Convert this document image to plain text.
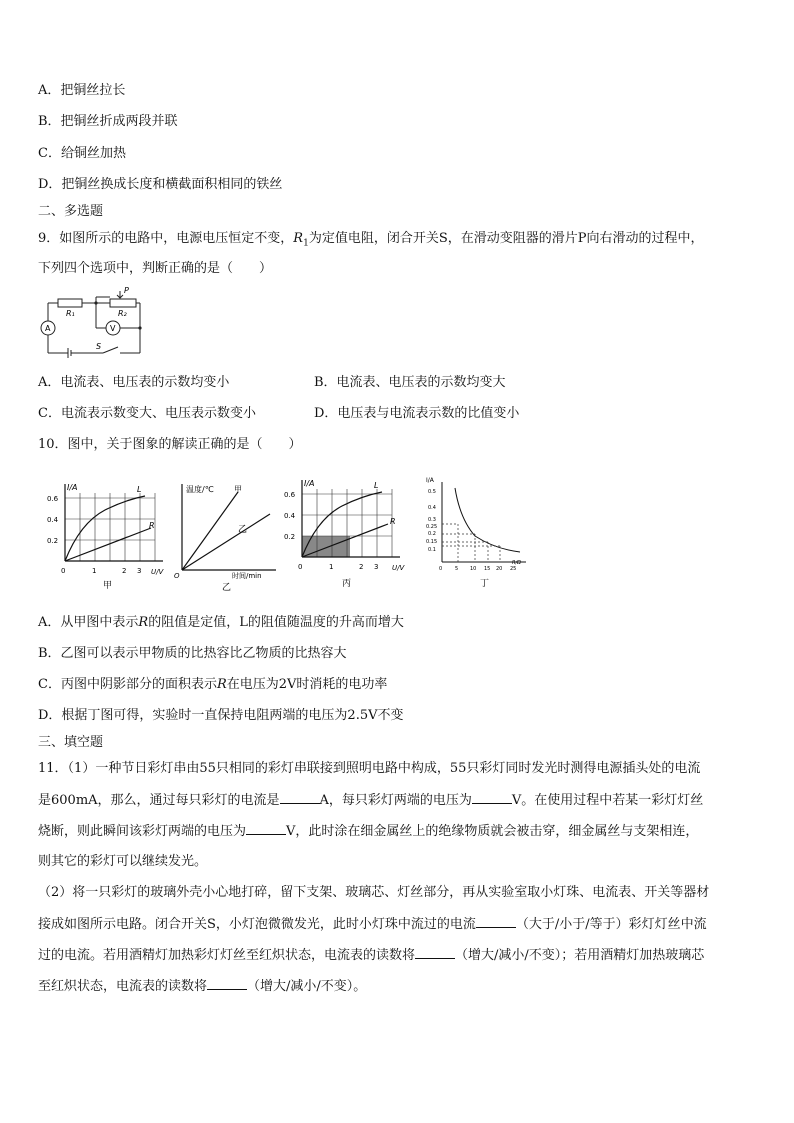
A．把铜丝拉长
B．把铜丝折成两段并联
C．给铜丝加热
D．把铜丝换成长度和横截面积相同的铁丝
二、多选题
9．如图所示的电路中，电源电压恒定不变，$R_1$为定值电阻，闭合开关S，在滑动变阻器的滑片P向右滑动的过程中，
下列四个选项中，判断正确的是（　　）
P
R₁	R₂
A	V
S
A．电流表、电压表的示数均变小	B．电流表、电压表的示数均变大
C．电流表示数变大、电压表示数变小	D．电压表与电流表示数的比值变小
10．图中，关于图象的解读正确的是（　　）
I/A
0.6
0.4
0.2
0	1	2 3 U/V
L
R
甲
温度/℃	甲
乙
O	时间/min
乙
I/A
0.6
0.4
0.2
0	1	2 3 U/V
L
R
丙
I/A
0.5
0.4
0.3
0.25
0.2
0.15
0.1
0	5 10 15 20 25
R/Ω
丁
A．从甲图中表示R的阻值是定值，L的阻值随温度的升高而增大
B．乙图可以表示甲物质的比热容比乙物质的比热容大
C．丙图中阴影部分的面积表示R在电压为2V时消耗的电功率
D．根据丁图可得，实验时一直保持电阻两端的电压为2.5V不变
三、填空题
11．（1）一种节日彩灯串由55只相同的彩灯串联接到照明电路中构成，55只彩灯同时发光时测得电源插头处的电流
是600mA，那么，通过每只彩灯的电流是	A，每只彩灯两端的电压为	V。在使用过程中若某一彩灯灯丝
烧断，则此瞬间该彩灯两端的电压为	V，此时涂在细金属丝上的绝缘物质就会被击穿，细金属丝与支架相连，
则其它的彩灯可以继续发光。
（2）将一只彩灯的玻璃外壳小心地打碎，留下支架、玻璃芯、灯丝部分，再从实验室取小灯珠、电流表、开关等器材
接成如图所示电路。闭合开关S，小灯泡微微发光，此时小灯珠中流过的电流	（大于/小于/等于）彩灯灯丝中流
过的电流。若用酒精灯加热彩灯灯丝至红炽状态，电流表的读数将	（增大/减小/不变）；若用酒精灯加热玻璃芯
至红炽状态，电流表的读数将	（增大/减小/不变）。
